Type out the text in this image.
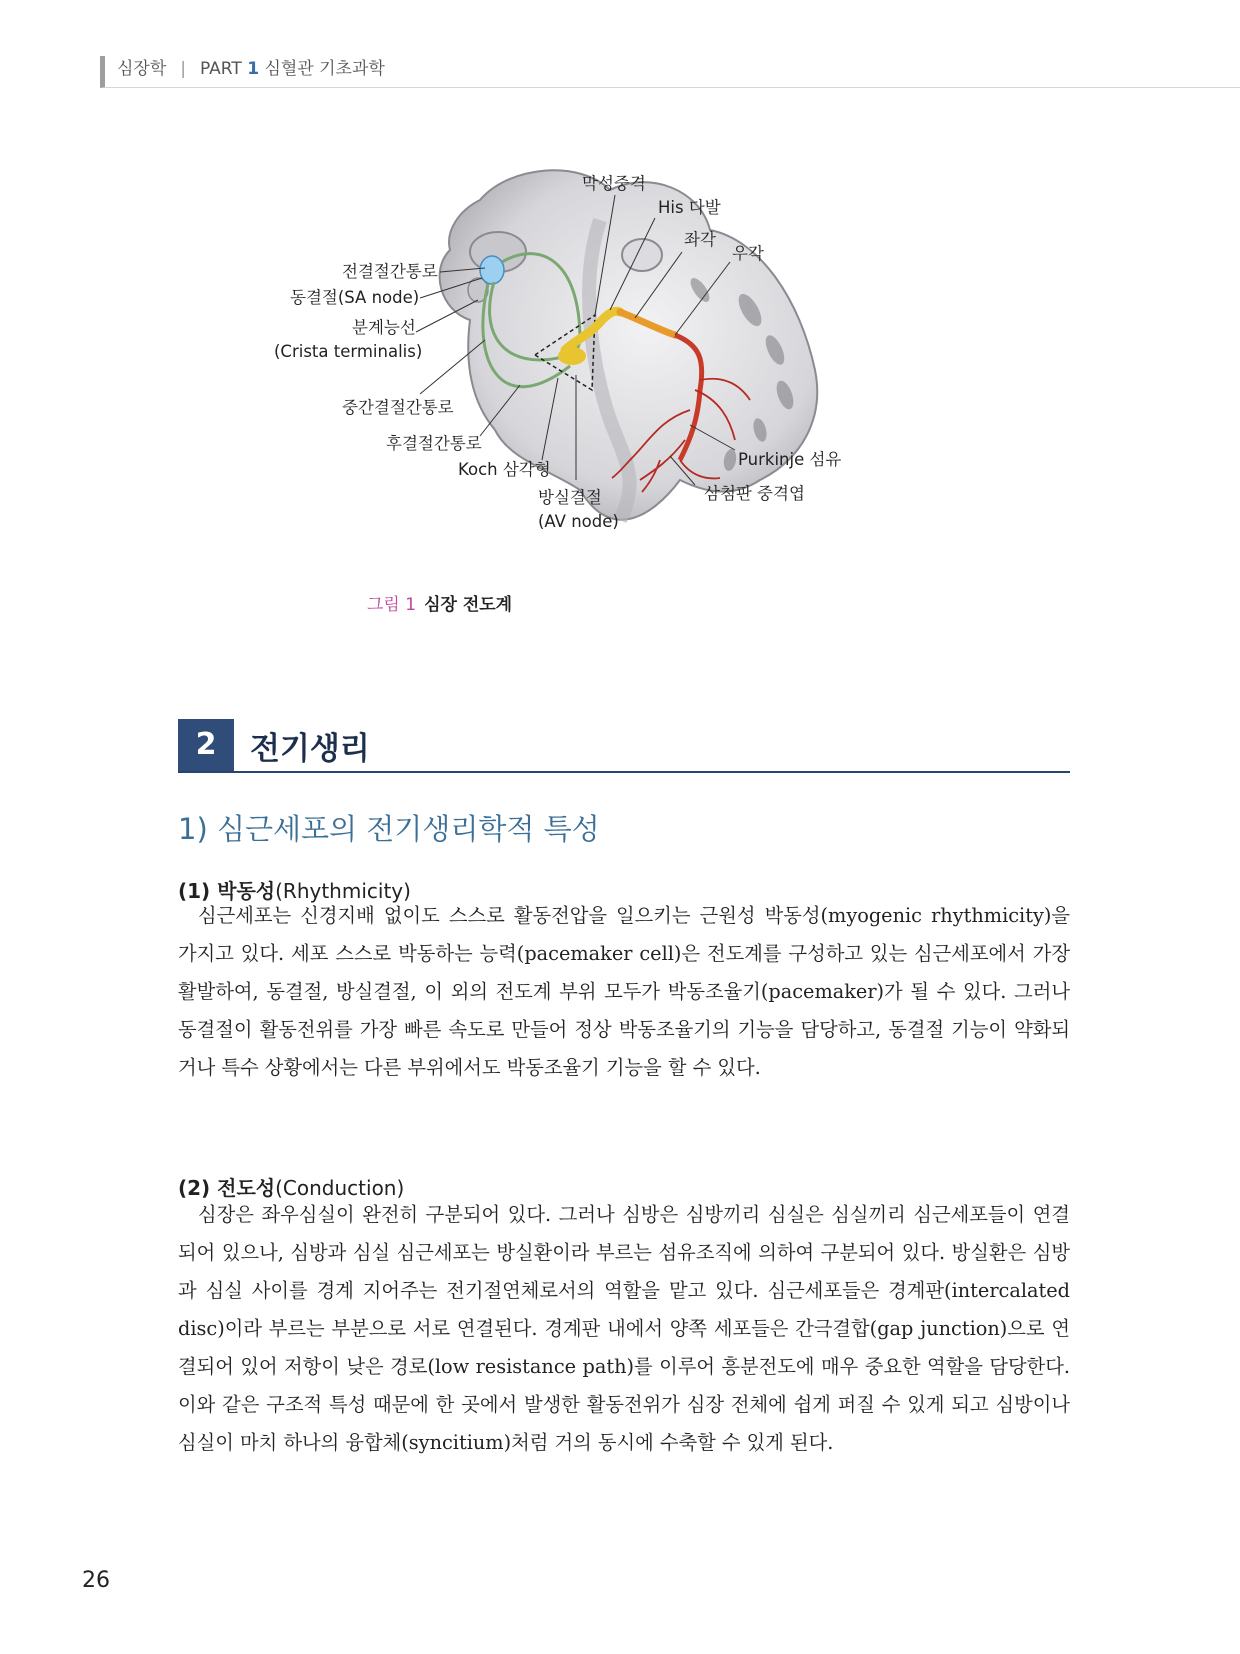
심장학 | PART 1 심혈관 기초과학
막성중격
His 다발
좌각
우각
전결절간통로
동결절(SA node)
분계능선
(Crista terminalis)
중간결절간통로
후결절간통로
Koch 삼각형
방실결절
(AV node)
Purkinje 섬유
삼첨판 중격엽
그림 1 심장 전도계
2	전기생리
1) 심근세포의 전기생리학적 특성
(1) 박동성(Rhythmicity)

심근세포는 신경지배 없이도 스스로 활동전압을 일으키는 근원성 박동성(myogenic rhythmicity)을 가지고 있다. 세포 스스로 박동하는 능력(pacemaker cell)은 전도계를 구성하고 있는 심근세포에서 가장 활발하여, 동결절, 방실결절, 이 외의 전도계 부위 모두가 박동조율기(pacemaker)가 될 수 있다. 그러나 동결절이 활동전위를 가장 빠른 속도로 만들어 정상 박동조율기의 기능을 담당하고, 동결절 기능이 약화되거나 특수 상황에서는 다른 부위에서도 박동조율기 기능을 할 수 있다.

(2) 전도성(Conduction)

심장은 좌우심실이 완전히 구분되어 있다. 그러나 심방은 심방끼리 심실은 심실끼리 심근세포들이 연결되어 있으나, 심방과 심실 심근세포는 방실환이라 부르는 섬유조직에 의하여 구분되어 있다. 방실환은 심방과 심실 사이를 경계 지어주는 전기절연체로서의 역할을 맡고 있다. 심근세포들은 경계판(intercalated disc)이라 부르는 부분으로 서로 연결된다. 경계판 내에서 양쪽 세포들은 간극결합(gap junction)으로 연결되어 있어 저항이 낮은 경로(low resistance path)를 이루어 흥분전도에 매우 중요한 역할을 담당한다. 이와 같은 구조적 특성 때문에 한 곳에서 발생한 활동전위가 심장 전체에 쉽게 퍼질 수 있게 되고 심방이나 심실이 마치 하나의 융합체(syncitium)처럼 거의 동시에 수축할 수 있게 된다.

26
